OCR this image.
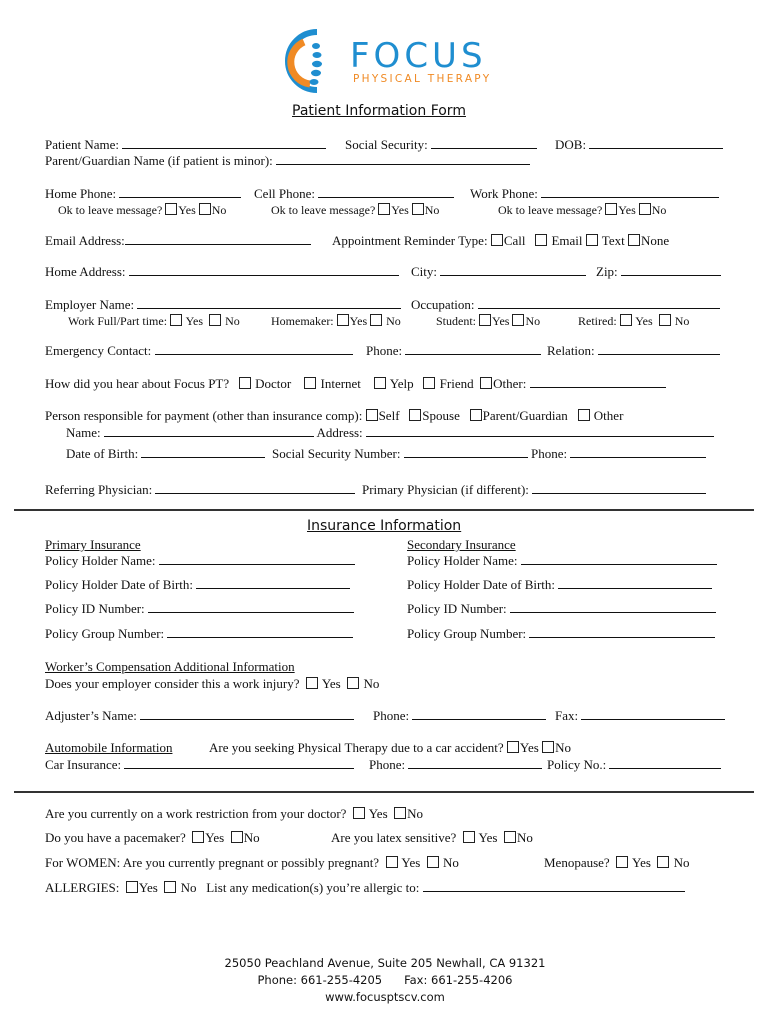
FOCUS
PHYSICAL THERAPY
Patient Information Form
Patient Name:	Social Security:	DOB:
Parent/Guardian Name (if patient is minor):
Home Phone:	Cell Phone:	Work Phone:
Ok to leave message? Yes No	Ok to leave message? Yes No	Ok to leave message? Yes No
Email Address:	Appointment Reminder Type: Call Email Text None
Home Address:	City:	Zip:
Employer Name:	Occupation:
Work Full/Part time: Yes No	Homemaker: Yes No	Student: Yes No	Retired: Yes No
Emergency Contact:	Phone:	Relation:
How did you hear about Focus PT? Doctor Internet Yelp Friend Other:
Person responsible for payment (other than insurance comp): Self Spouse Parent/Guardian Other
Name:	Address:
Date of Birth:	Social Security Number:	Phone:
Referring Physician:	Primary Physician (if different):
Insurance Information
Primary Insurance	Secondary Insurance
Policy Holder Name:	Policy Holder Name:
Policy Holder Date of Birth:	Policy Holder Date of Birth:
Policy ID Number:	Policy ID Number:
Policy Group Number:	Policy Group Number:
Worker’s Compensation Additional Information
Does your employer consider this a work injury? Yes No
Adjuster’s Name:	Phone:	Fax:
Automobile Information	Are you seeking Physical Therapy due to a car accident? Yes No
Car Insurance:	Phone:	Policy No.:
Are you currently on a work restriction from your doctor? Yes No
Do you have a pacemaker? Yes No	Are you latex sensitive? Yes No
For WOMEN: Are you currently pregnant or possibly pregnant? Yes No	Menopause? Yes No
ALLERGIES: Yes No List any medication(s) you’re allergic to:
25050 Peachland Avenue, Suite 205 Newhall, CA 91321
Phone: 661-255-4205 Fax: 661-255-4206
www.focusptscv.com
